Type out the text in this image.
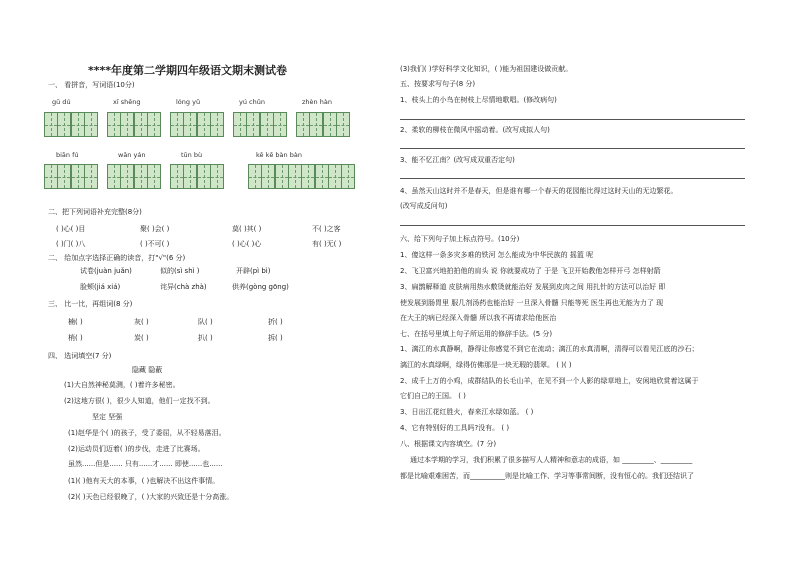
****年度第二学期四年级语文期末测试卷
一、 看拼音，写词语(10分)
gū dú	xī shēng	lóng yǔ	yú chǔn	zhèn hàn
biān fú	wān yán	tūn bù	kě kē bàn bàn
二、把下列词语补充完整(8分)
( )心( )目	聚( )会( )	莫( )其( )	不( )之客
( )门( )八	( )不可( )	( )心( )心	有( )无( )
二、 给加点字选择正确的读音，打"√"(6 分)
试卷(juàn juǎn)	似的(sì shì )	开辟(pì bì)
脸颊(jiá xiá)	诧异(chà zhà)	供养(gòng gōng)
三、 比一比，再组词(8 分)
楠( )	灰( )	队( )	折( )
梢( )	炭( )	扒( )	拆( )
四、 选词填空(7 分)
隐藏 隐蔽
(1)大自然神秘莫测，( )着许多秘密。
(2)这地方很( )，很少人知道，他们一定找不到。
坚定 坚强
(1)赵华是个( )的孩子，受了委屈，从不轻易落泪。
(2)运动员们迈着( )的步伐，走进了比赛场。
虽然......但是...... 只有......才...... 即使......也......
(1)( )他有天大的本事，( )也解决不出这件事情。
(2)( )天色已经很晚了，( )大家的兴致还是十分高涨。
(3)我们( )学好科学文化知识，( )能为祖国建设做贡献。
五、按要求写句子(8 分)
1、枝头上的小鸟在树枝上尽情地歌唱。(修改病句)
2、柔软的柳枝在微风中摇动着。(改写成拟人句)
3、能不忆江南？(改写成双重否定句)
4、虽然天山这时并不是春天，但是谁有哪一个春天的花园能比得过这时天山的无边繁花。
(改写成反问句)
六、给下列句子加上标点符号。(10分)
1、傻这样一条多灾多难的铁河 怎么能成为中华民族的 摇篮 呢
2、飞卫富兴地拍拍他的肩头 说 你就要成功了 于是 飞卫开始教他怎样开弓 怎样射箭
3、扁鹊解释道 皮肤病用热水敷烫就能治好 发展到皮肉之间 用扎针的方法可以治好 即
使发展到肠胃里 服几剂汤药也能治好 一旦深入骨髓 只能等死 医生再也无能为力了 现
在大王的病已经深入骨髓 所以我不再请求给他医治
七、在括号里填上句子所运用的修辞手法。(5 分)
1、漓江的水真静啊，静得让你感觉不到它在流动；漓江的水真清啊，清得可以看见江底的沙石；
漓江的水真绿啊，绿得仿佛那是一块无瑕的翡翠。 ( )( )
2、成千上万的小鸡，成群结队的长毛山羊，在见不到一个人影的绿草地上，安闲地欣赏着这属于
它们自己的王国。 ( )
3、日出江花红胜火，春来江水绿如蓝。 ( )
4、它有特别好的工具吗?没有。 ( )
八、根据课文内容填空。(7 分)
通过本学期的学习，我们积累了很多描写人人精神和意志的成语，如 _________、_________
都是比喻艰难困苦，而__________则是比喻工作、学习等事常间断，没有恒心的。我们还结识了
